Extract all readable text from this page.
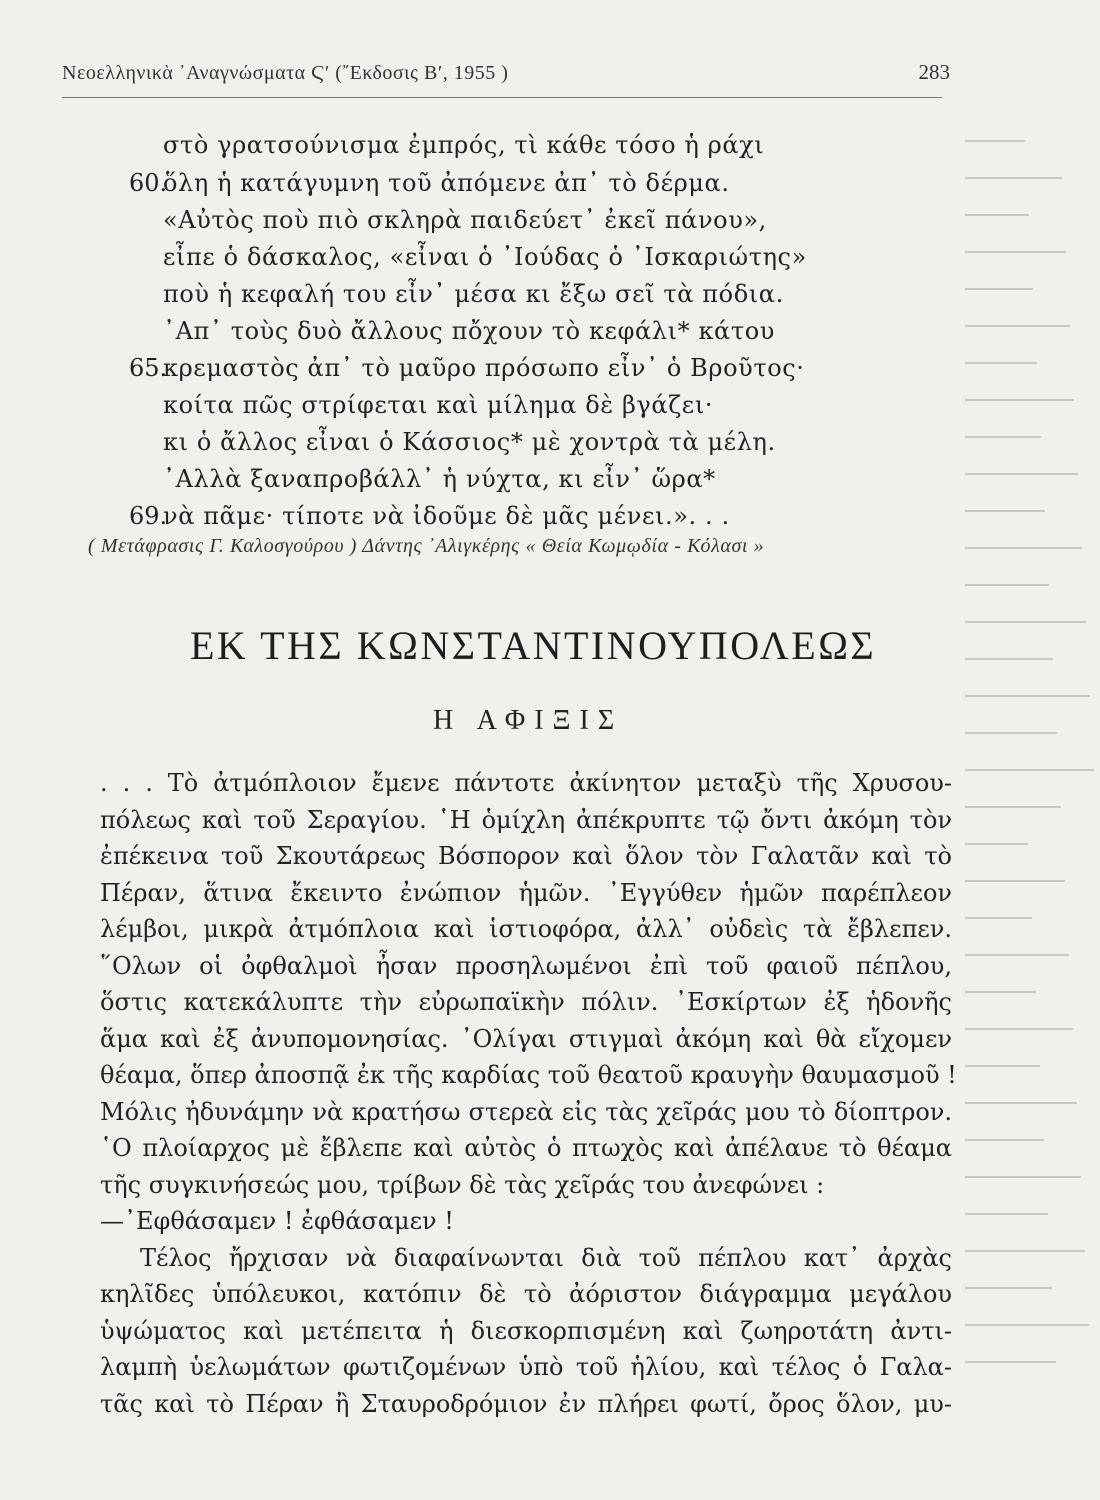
Νεοελληνικὰ ᾿Αναγνώσματα Ϛ′ (῎Εκδοσις Β′, 1955 )	283
στὸ γρατσούνισμα ἐμπρός, τὶ κάθε τόσο ἡ ράχι
60.
ὅλη ἡ κατάγυμνη τοῦ ἀπόμενε ἀπ᾿ τὸ δέρμα.
«Αὐτὸς ποὺ πιὸ σκληρὰ παιδεύετ᾿ ἐκεῖ πάνου»,
εἶπε ὁ δάσκαλος, «εἶναι ὁ ᾿Ιούδας ὁ ᾿Ισκαριώτης»
ποὺ ἡ κεφαλή του εἶν᾿ μέσα κι ἔξω σεῖ τὰ πόδια.
᾿Απ᾿ τοὺς δυὸ ἄλλους πὄχουν τὸ κεφάλι* κάτου
65.
κρεμαστὸς ἀπ᾿ τὸ μαῦρο πρόσωπο εἶν᾿ ὁ Βροῦτος·
κοίτα πῶς στρίφεται καὶ μίλημα δὲ βγάζει·
κι ὁ ἄλλος εἶναι ὁ Κάσσιος* μὲ χοντρὰ τὰ μέλη.
᾿Αλλὰ ξαναπροβάλλ᾿ ἡ νύχτα, κι εἶν᾿ ὥρα*
69.
νὰ πᾶμε· τίποτε νὰ ἰδοῦμε δὲ μᾶς μένει.». . .
( Μετάφρασις Γ. Καλοσγούρου ) Δάντης ᾿Αλιγκέρης « Θεία Κωμῳδία - Κόλασι »
ΕΚ ΤΗΣ ΚΩΝΣΤΑΝΤΙΝΟΥΠΟΛΕΩΣ
Η ΑΦΙΞΙΣ
. . . Τὸ ἀτμόπλοιον ἔμενε πάντοτε ἀκίνητον μεταξὺ τῆς Χρυσου-
πόλεως καὶ τοῦ Σεραγίου. ῾Η ὁμίχλη ἀπέκρυπτε τῷ ὄντι ἀκόμη τὸν
ἐπέκεινα τοῦ Σκουτάρεως Βόσπορον καὶ ὅλον τὸν Γαλατᾶν καὶ τὸ
Πέραν, ἅτινα ἔκειντο ἐνώπιον ἡμῶν. ᾿Εγγύθεν ἡμῶν παρέπλεον
λέμβοι, μικρὰ ἀτμόπλοια καὶ ἱστιοφόρα, ἀλλ᾿ οὐδεὶς τὰ ἔβλεπεν.
῞Ολων οἱ ὀφθαλμοὶ ἦσαν προσηλωμένοι ἐπὶ τοῦ φαιοῦ πέπλου,
ὅστις κατεκάλυπτε τὴν εὐρωπαϊκὴν πόλιν. ᾿Εσκίρτων ἐξ ἡδονῆς
ἅμα καὶ ἐξ ἀνυπομονησίας. ᾿Ολίγαι στιγμαὶ ἀκόμη καὶ θὰ εἴχομεν
θέαμα, ὅπερ ἀποσπᾷ ἐκ τῆς καρδίας τοῦ θεατοῦ κραυγὴν θαυμασμοῦ !
Μόλις ἠδυνάμην νὰ κρατήσω στερεὰ εἰς τὰς χεῖράς μου τὸ δίοπτρον.
῾Ο πλοίαρχος μὲ ἔβλεπε καὶ αὐτὸς ὁ πτωχὸς καὶ ἀπέλαυε τὸ θέαμα
τῆς συγκινήσεώς μου, τρίβων δὲ τὰς χεῖράς του ἀνεφώνει :
—᾿Εφθάσαμεν ! ἐφθάσαμεν !
Τέλος ἤρχισαν νὰ διαφαίνωνται διὰ τοῦ πέπλου κατ᾿ ἀρχὰς
κηλῖδες ὑπόλευκοι, κατόπιν δὲ τὸ ἀόριστον διάγραμμα μεγάλου
ὑψώματος καὶ μετέπειτα ἡ διεσκορπισμένη καὶ ζωηροτάτη ἀντι-
λαμπὴ ὑελωμάτων φωτιζομένων ὑπὸ τοῦ ἡλίου, καὶ τέλος ὁ Γαλα-
τᾶς καὶ τὸ Πέραν ἢ Σταυροδρόμιον ἐν πλήρει φωτί, ὄρος ὅλον, μυ-
